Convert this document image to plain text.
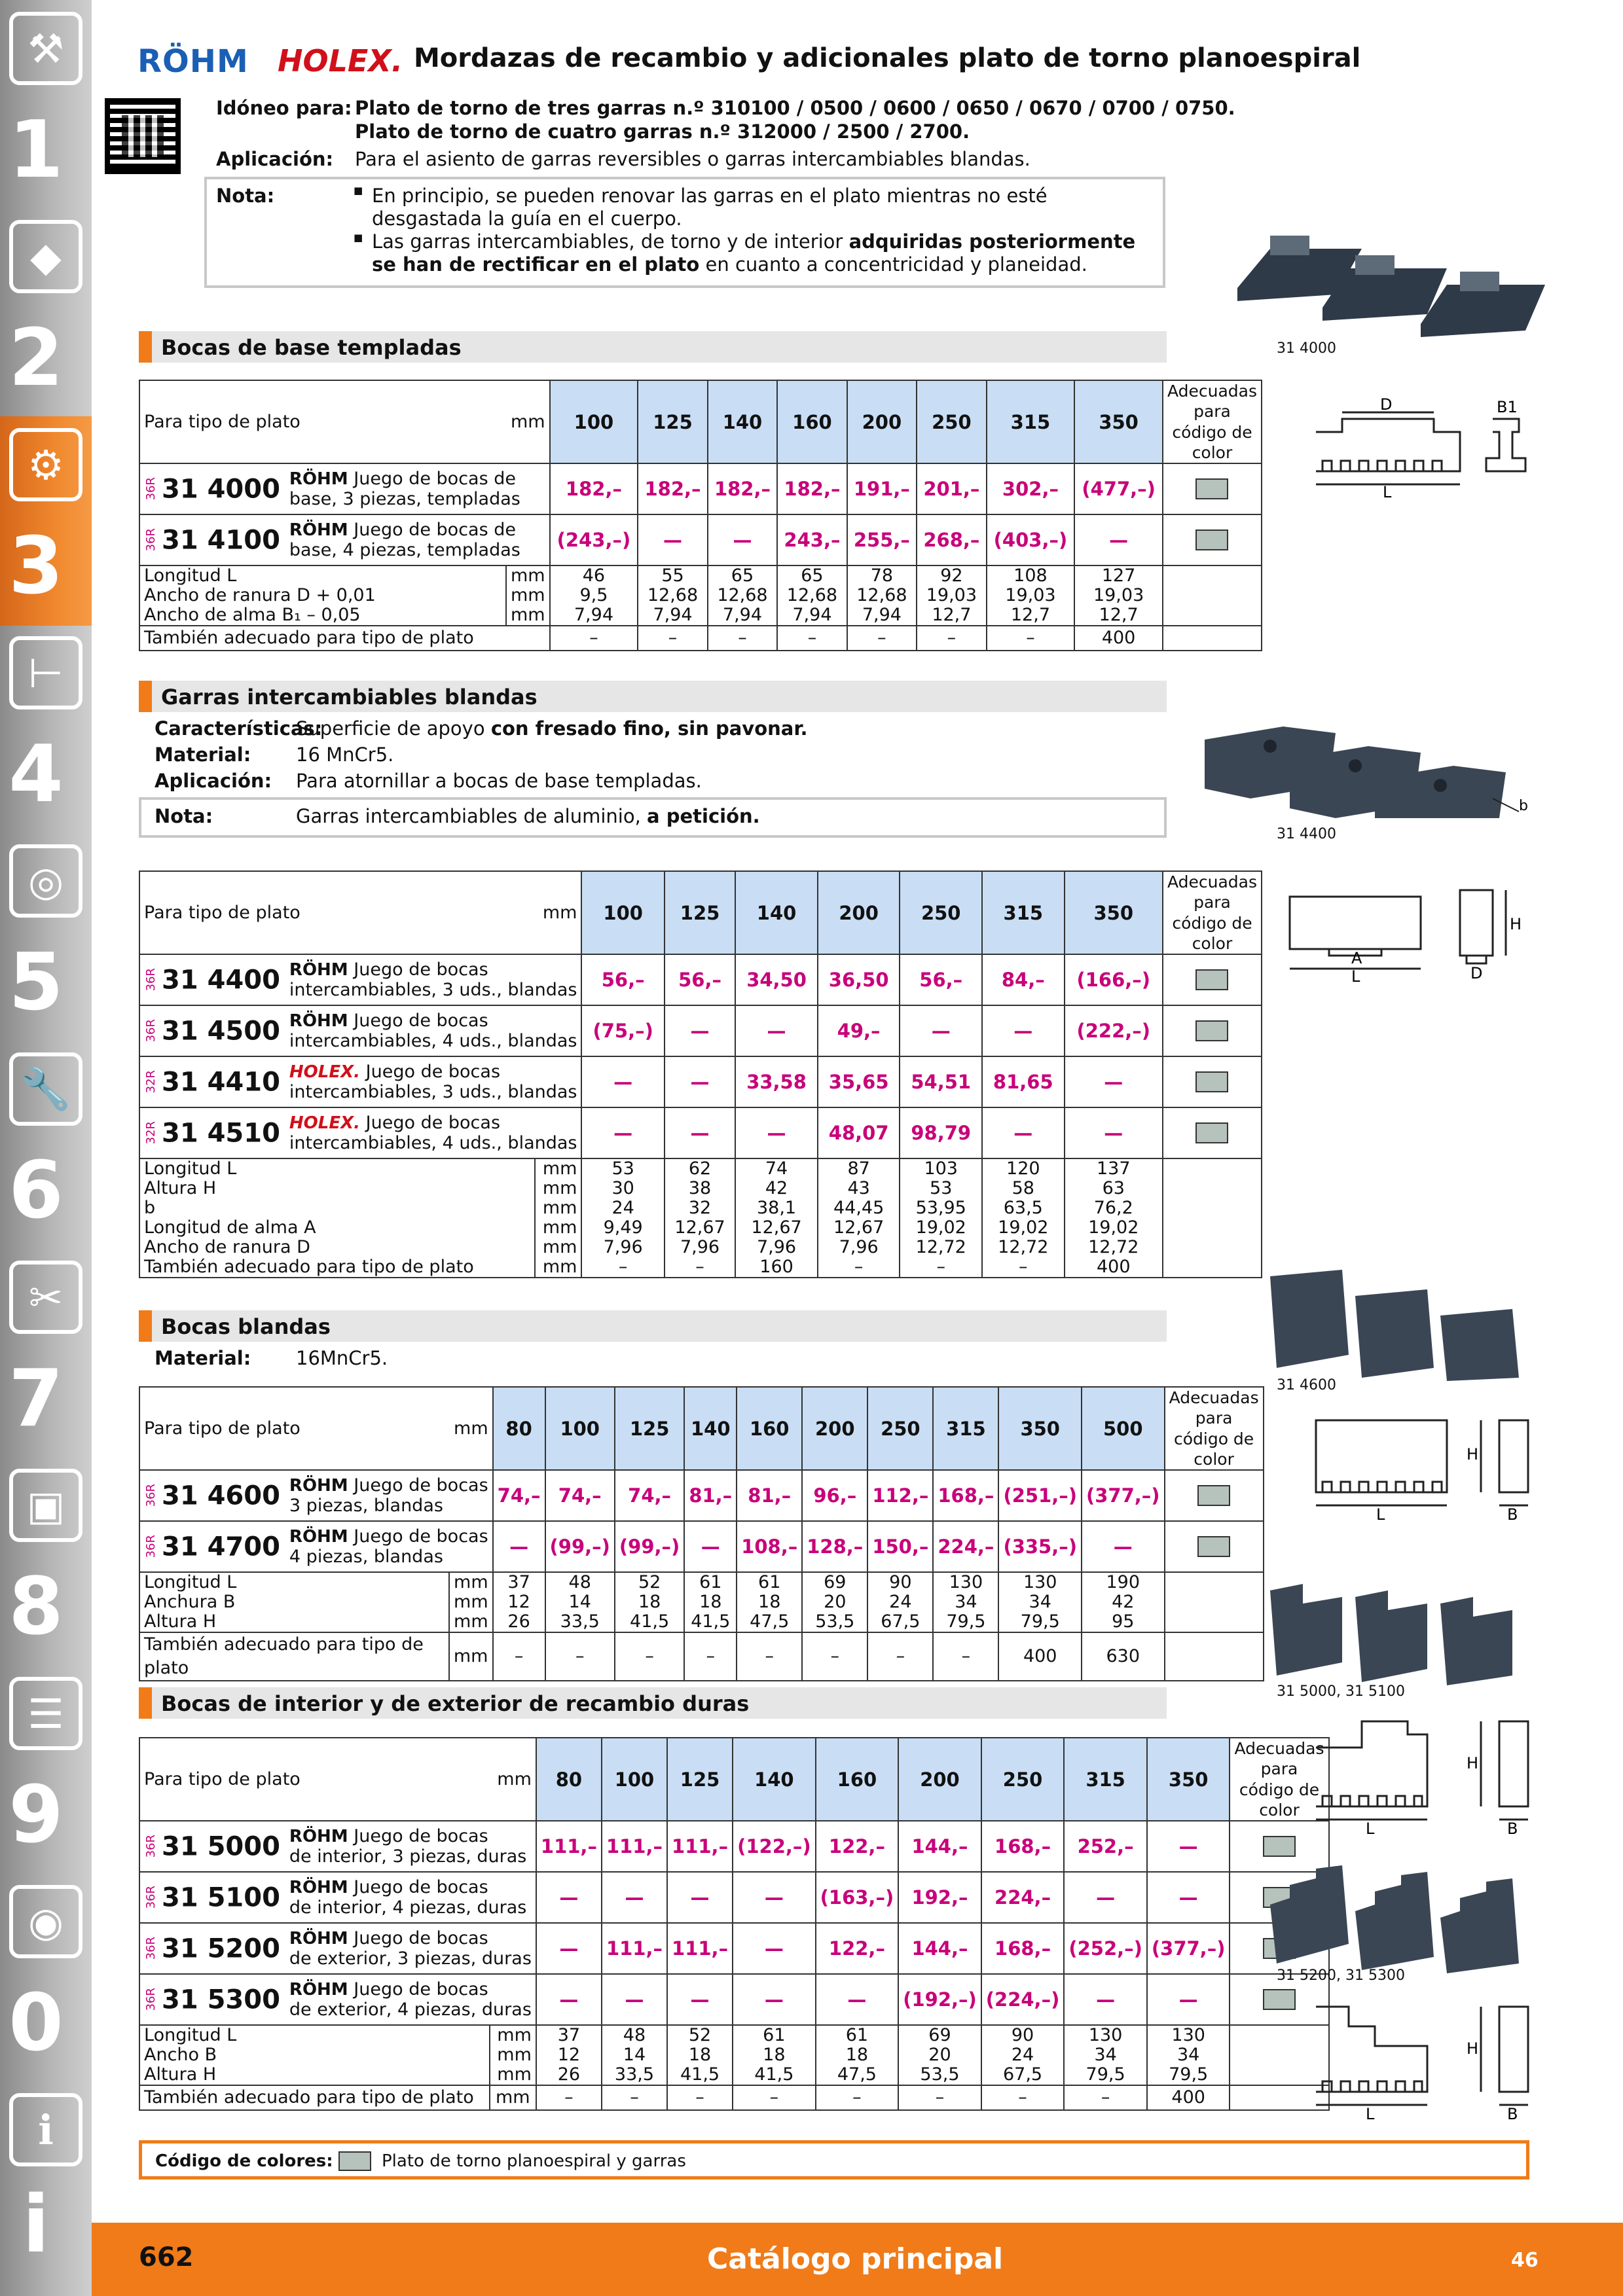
⚒
1
◆
2
⚙
3
⊢
4
◎
5
🔧
6
✂
7
▣
8
☰
9
◉
0
ℹ
i
RÖHM HOLEX. Mordazas de recambio y adicionales plato de torno planoespiral
Idóneo para: Plato de torno de tres garras n.º 310100 / 0500 / 0600 / 0650 / 0670 / 0700 / 0750.
Plato de torno de cuatro garras n.º 312000 / 2500 / 2700.
Aplicación: Para el asiento de garras reversibles o garras intercambiables blandas.
Nota:	■ En principio, se pueden renovar las garras en el plato mientras no esté desgastada la guía en el cuerpo.
■ Las garras intercambiables, de torno y de interior adquiridas posteriormente se han de rectificar en el plato en cuanto a concentricidad y planeidad.
31 4000
Bocas de base templadas
Para tipo de plato	mm	100	125	140	160	200	250	315	350	Adecuadas para código de color
36R 31 4000 RÖHM Juego de bocas de
base, 3 piezas, templadas		182,–	182,–	182,–	182,–	191,–	201,–	302,–	(477,–)	
36R 31 4100 RÖHM Juego de bocas de
base, 4 piezas, templadas		(243,–)	—	—	243,–	255,–	268,–	(403,–)	—	
Longitud L	mm	46	55	65	65	78	92	108	127	
Ancho de ranura D + 0,01	mm	9,5	12,68	12,68	12,68	12,68	19,03	19,03	19,03	
Ancho de alma B₁ – 0,05	mm	7,94	7,94	7,94	7,94	7,94	12,7	12,7	12,7	
También adecuado para tipo de plato		–	–	–	–	–	–	–	400	
D
L
B1
Garras intercambiables blandas
Características:
Superficie de apoyo con fresado fino, sin pavonar.
Material: 16 MnCr5.
Aplicación: Para atornillar a bocas de base templadas.
Nota:	Garras intercambiables de aluminio, a petición.	b
31 4400
Para tipo de plato	mm	100	125	140	200	250	315	350	Adecuadas para código de color
36R 31 4400 RÖHM Juego de bocas
intercambiables, 3 uds., blandas		56,–	56,–	34,50	36,50	56,–	84,–	(166,–)	
36R 31 4500 RÖHM Juego de bocas
intercambiables, 4 uds., blandas		(75,–)	—	—	49,–	—	—	(222,–)	
32R 31 4410 HOLEX. Juego de bocas
intercambiables, 3 uds., blandas		—	—	33,58	35,65	54,51	81,65	—	
32R 31 4510 HOLEX. Juego de bocas
intercambiables, 4 uds., blandas		—	—	—	48,07	98,79	—	—	
Longitud L	mm	53	62	74	87	103	120	137	
Altura H	mm	30	38	42	43	53	58	63	
b	mm	24	32	38,1	44,45	53,95	63,5	76,2	
Longitud de alma A	mm	9,49	12,67	12,67	12,67	19,02	19,02	19,02	
Ancho de ranura D	mm	7,96	7,96	7,96	7,96	12,72	12,72	12,72	
También adecuado para tipo de plato	mm	–	–	160	–	–	–	400	
A
L	D
H
Bocas blandas
Material: 16MnCr5.
31 4600
Para tipo de plato	mm	80	100	125	140	160	200	250	315	350	500	Adecuadas para código de color
36R 31 4600 RÖHM Juego de bocas
3 piezas, blandas		74,–	74,–	74,–	81,–	81,–	96,–	112,–	168,–	(251,–)	(377,–)	
36R 31 4700 RÖHM Juego de bocas
4 piezas, blandas		—	(99,–)	(99,–)	—	108,–	128,–	150,–	224,–	(335,–)	—	
Longitud L	mm	37	48	52	61	61	69	90	130	130	190	
Anchura B	mm	12	14	18	18	18	20	24	34	34	42	
Altura H	mm	26	33,5	41,5	41,5	47,5	53,5	67,5	79,5	79,5	95	
También adecuado para tipo de plato	mm	–	–	–	–	–	–	–	–	400	630	
L
H
B
31 5000, 31 5100
Bocas de interior y de exterior de recambio duras
Para tipo de plato	mm	80	100	125	140	160	200	250	315	350	Adecuadas para código de color
36R 31 5000 RÖHM Juego de bocas
de interior, 3 piezas, duras		111,–	111,–	111,–	(122,–)	122,–	144,–	168,–	252,–	—	
36R 31 5100 RÖHM Juego de bocas
de interior, 4 piezas, duras		—	—	—	—	(163,–)	192,–	224,–	—	—	
36R 31 5200 RÖHM Juego de bocas
de exterior, 3 piezas, duras		—	111,–	111,–	—	122,–	144,–	168,–	(252,–)	(377,–)	
36R 31 5300 RÖHM Juego de bocas
de exterior, 4 piezas, duras		—	—	—	—	—	(192,–)	(224,–)	—	—	
Longitud L	mm	37	48	52	61	61	69	90	130	130	
Ancho B	mm	12	14	18	18	18	20	24	34	34	
Altura H	mm	26	33,5	41,5	41,5	47,5	53,5	67,5	79,5	79,5	
También adecuado para tipo de plato	mm	–	–	–	–	–	–	–	–	400	
L
H
B
31 5200, 31 5300
L
H
B
Código de colores:	Plato de torno planoespiral y garras
662	Catálogo principal	46
